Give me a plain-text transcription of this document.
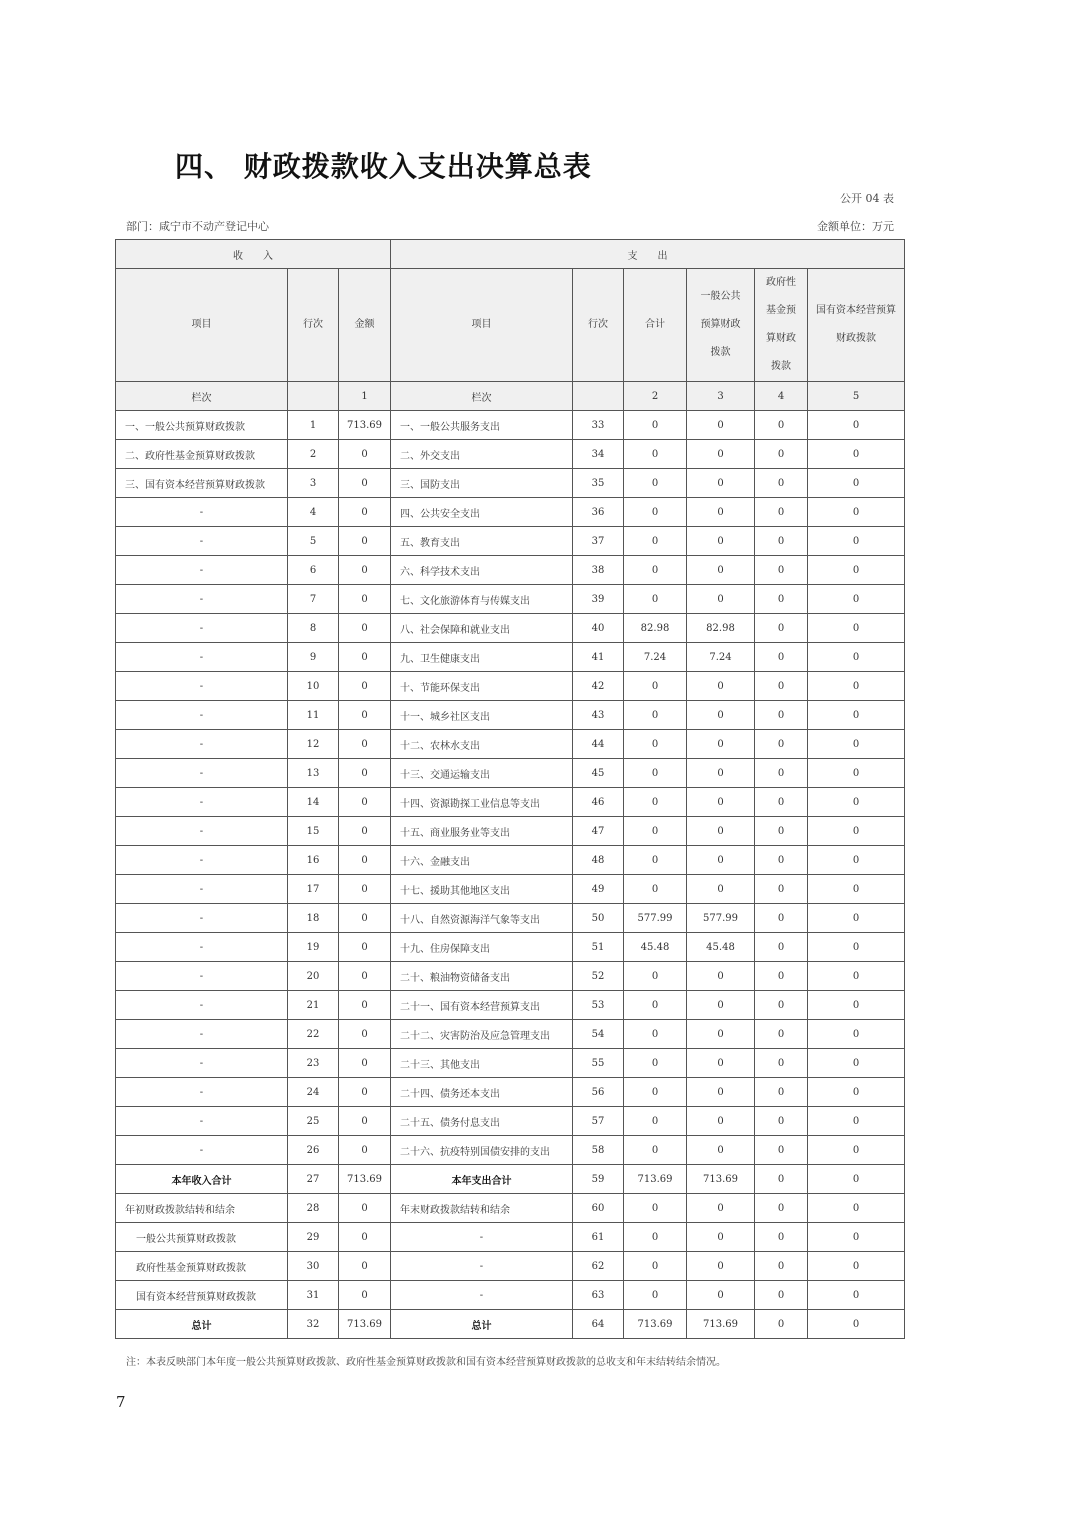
四、 财政拨款收入支出决算总表
公开 04 表
部门：咸宁市不动产登记中心	金额单位：万元
收　　入			支　　出					
项目	行次	金额	项目	行次	合计	一般公共预算财政拨款	政府性基金预算财政拨款	国有资本经营预算财政拨款
栏次		1	栏次		2	3	4	5
一、一般公共预算财政拨款	1	713.69	一、一般公共服务支出	33	0	0	0	0
二、政府性基金预算财政拨款	2	0	二、外交支出	34	0	0	0	0
三、国有资本经营预算财政拨款	3	0	三、国防支出	35	0	0	0	0
-	4	0	四、公共安全支出	36	0	0	0	0
-	5	0	五、教育支出	37	0	0	0	0
-	6	0	六、科学技术支出	38	0	0	0	0
-	7	0	七、文化旅游体育与传媒支出	39	0	0	0	0
-	8	0	八、社会保障和就业支出	40	82.98	82.98	0	0
-	9	0	九、卫生健康支出	41	7.24	7.24	0	0
-	10	0	十、节能环保支出	42	0	0	0	0
-	11	0	十一、城乡社区支出	43	0	0	0	0
-	12	0	十二、农林水支出	44	0	0	0	0
-	13	0	十三、交通运输支出	45	0	0	0	0
-	14	0	十四、资源勘探工业信息等支出	46	0	0	0	0
-	15	0	十五、商业服务业等支出	47	0	0	0	0
-	16	0	十六、金融支出	48	0	0	0	0
-	17	0	十七、援助其他地区支出	49	0	0	0	0
-	18	0	十八、自然资源海洋气象等支出	50	577.99	577.99	0	0
-	19	0	十九、住房保障支出	51	45.48	45.48	0	0
-	20	0	二十、粮油物资储备支出	52	0	0	0	0
-	21	0	二十一、国有资本经营预算支出	53	0	0	0	0
-	22	0	二十二、灾害防治及应急管理支出	54	0	0	0	0
-	23	0	二十三、其他支出	55	0	0	0	0
-	24	0	二十四、债务还本支出	56	0	0	0	0
-	25	0	二十五、债务付息支出	57	0	0	0	0
-	26	0	二十六、抗疫特别国债安排的支出	58	0	0	0	0
本年收入合计	27	713.69	本年支出合计	59	713.69	713.69	0	0
年初财政拨款结转和结余	28	0	年末财政拨款结转和结余	60	0	0	0	0
一般公共预算财政拨款	29	0	-	61	0	0	0	0
政府性基金预算财政拨款	30	0	-	62	0	0	0	0
国有资本经营预算财政拨款	31	0	-	63	0	0	0	0
总计	32	713.69	总计	64	713.69	713.69	0	0
注：本表反映部门本年度一般公共预算财政拨款、政府性基金预算财政拨款和国有资本经营预算财政拨款的总收支和年末结转结余情况。
7
